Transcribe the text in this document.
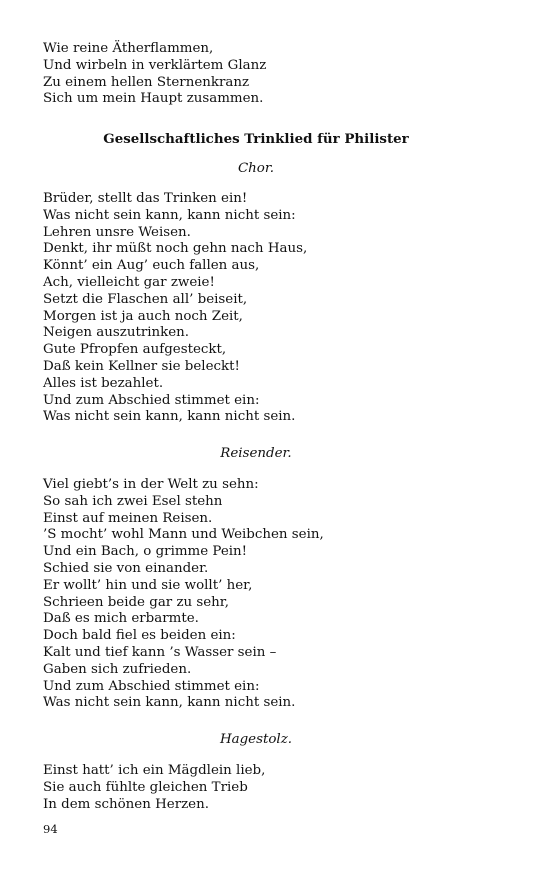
Wie reine Ätherflammen,
Und wirbeln in verklärtem Glanz
Zu einem hellen Sternenkranz
Sich um mein Haupt zusammen.
Gesellschaftliches Trinklied für Philister
Chor.
Brüder, stellt das Trinken ein!
Was nicht sein kann, kann nicht sein:
Lehren unsre Weisen.
Denkt, ihr müßt noch gehn nach Haus,
Könnt’ ein Aug’ euch fallen aus,
Ach, vielleicht gar zweie!
Setzt die Flaschen all’ beiseit,
Morgen ist ja auch noch Zeit,
Neigen auszutrinken.
Gute Pfropfen aufgesteckt,
Daß kein Kellner sie beleckt!
Alles ist bezahlet.
Und zum Abschied stimmet ein:
Was nicht sein kann, kann nicht sein.
Reisender.
Viel giebt’s in der Welt zu sehn:
So sah ich zwei Esel stehn
Einst auf meinen Reisen.
’S mocht’ wohl Mann und Weibchen sein,
Und ein Bach, o grimme Pein!
Schied sie von einander.
Er wollt’ hin und sie wollt’ her,
Schrieen beide gar zu sehr,
Daß es mich erbarmte.
Doch bald fiel es beiden ein:
Kalt und tief kann ’s Wasser sein –
Gaben sich zufrieden.
Und zum Abschied stimmet ein:
Was nicht sein kann, kann nicht sein.
Hagestolz.
Einst hatt’ ich ein Mägdlein lieb,
Sie auch fühlte gleichen Trieb
In dem schönen Herzen.
94
